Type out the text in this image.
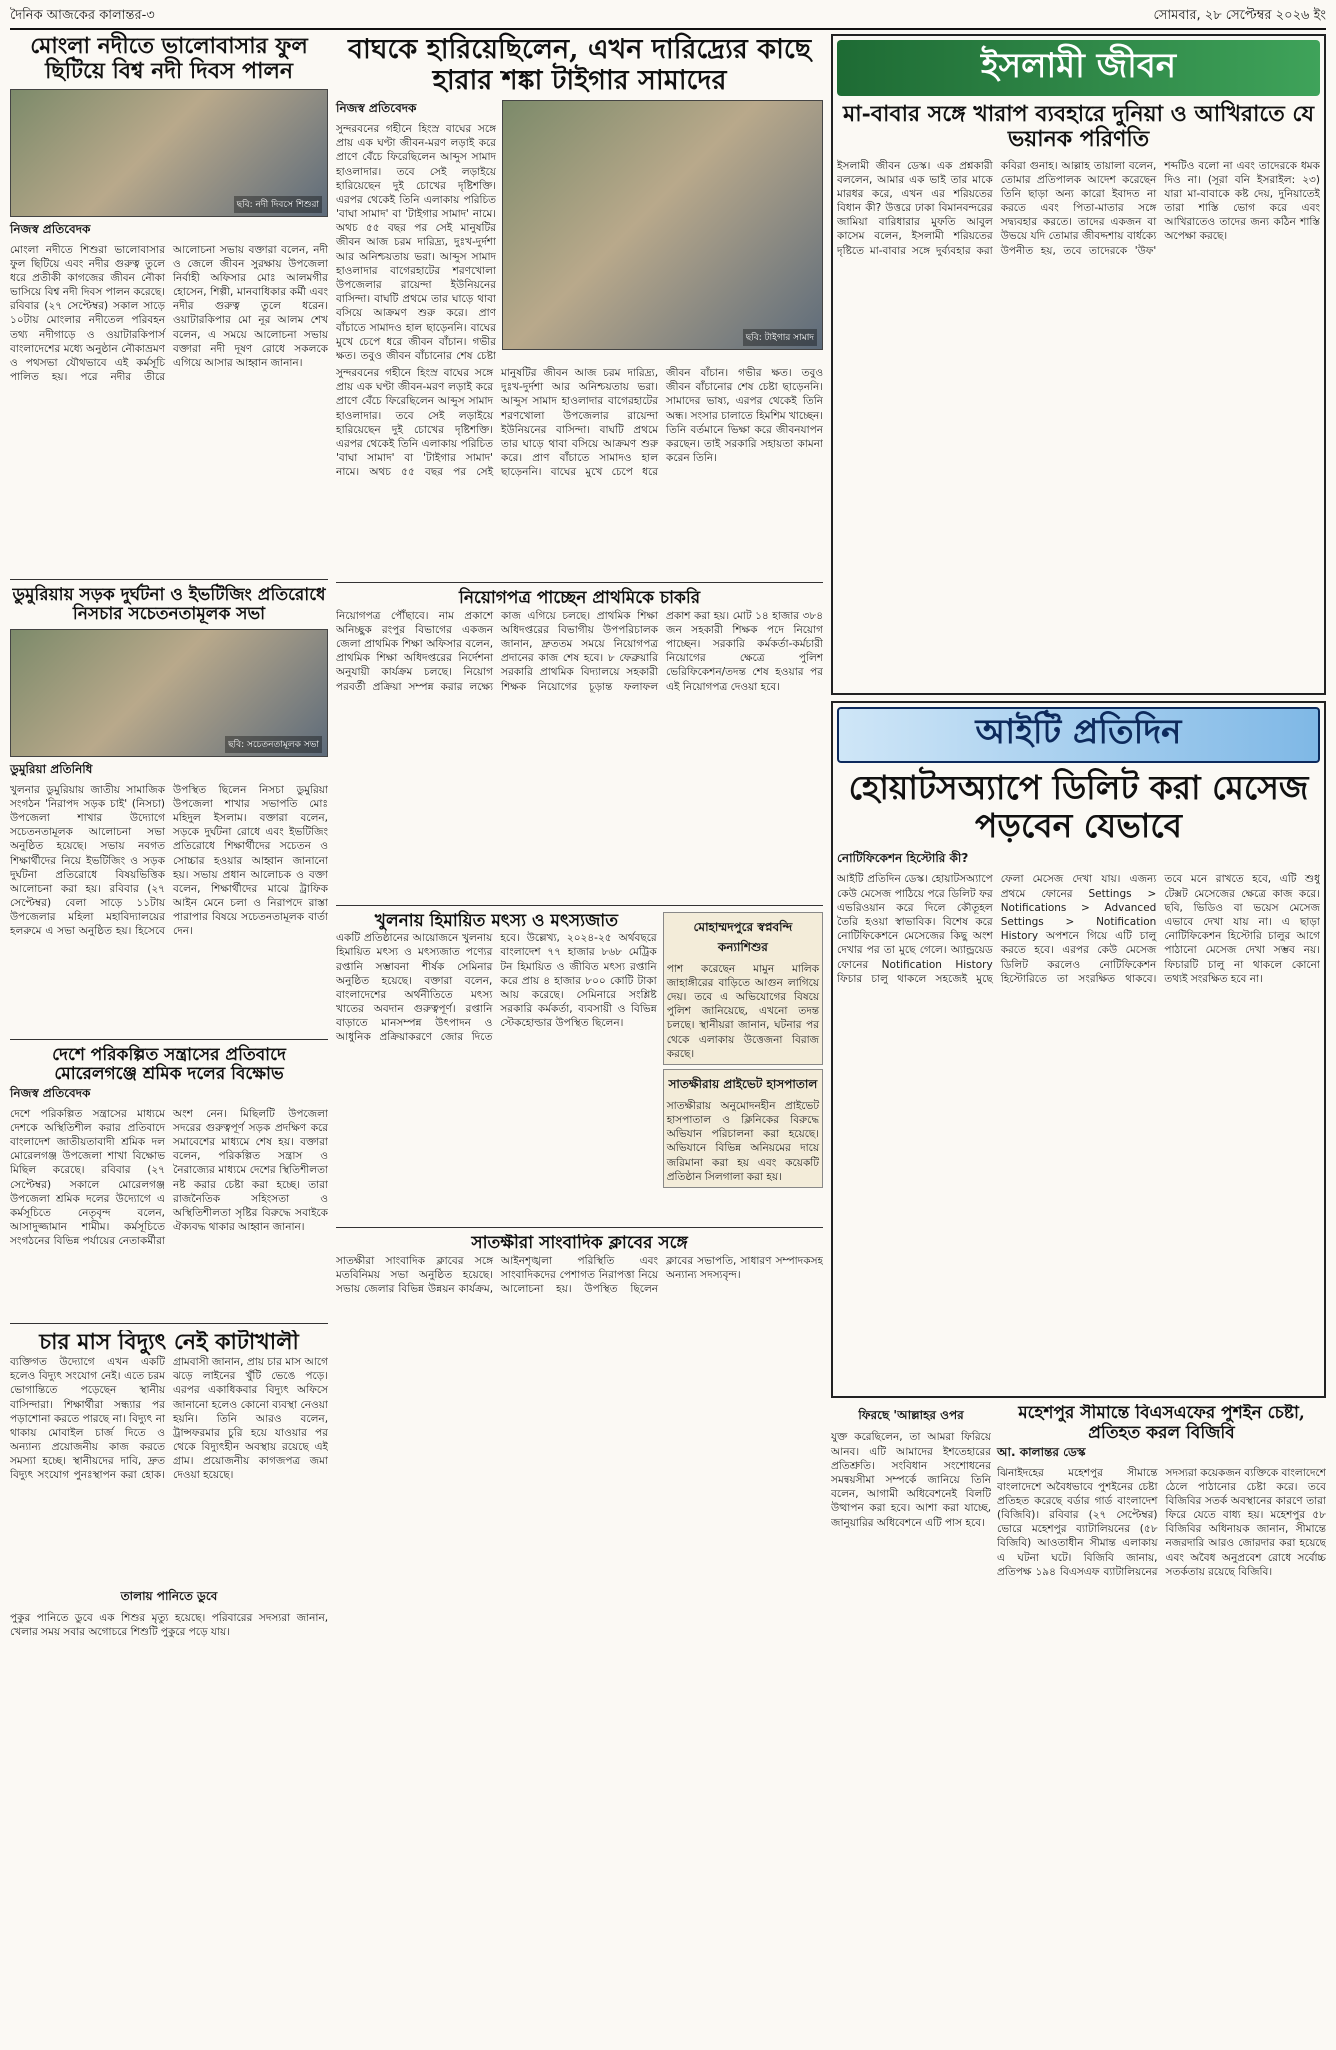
দৈনিক আজকের কালান্তর-৩	সোমবার, ২৮ সেপ্টেম্বর ২০২৬ ইং
মোংলা নদীতে ভালোবাসার ফুল ছিটিয়ে বিশ্ব নদী দিবস পালন
ছবি: নদী দিবসে শিশুরা
নিজস্ব প্রতিবেদক
মোংলা নদীতে শিশুরা ভালোবাসার ফুল ছিটিয়ে এবং নদীর গুরুত্ব তুলে ধরে প্রতীকী কাগজের জীবন নৌকা ভাসিয়ে বিশ্ব নদী দিবস পালন করেছে। রবিবার (২৭ সেপ্টেম্বর) সকাল সাড়ে ১০টায় মোংলার নদীতেল পরিবহন তথ্য নদীগাড়ে ও ওয়াটারকিপার্স বাংলাদেশের মধ্যে অনুষ্ঠান নৌকাভ্রমণ ও পথসভা যৌথভাবে এই কর্মসূচি পালিত হয়। পরে নদীর তীরে আলোচনা সভায় বক্তারা বলেন, নদী ও জেলে জীবন সুরক্ষায় উপজেলা নির্বাহী অফিসার মোঃ আলমগীর হোসেন, শিল্পী, মানবাধিকার কর্মী এবং নদীর গুরুত্ব তুলে ধরেন। ওয়াটারকিপার মো নূর আলম শেখ বলেন, এ সময়ে আলোচনা সভায় বক্তারা নদী দূষণ রোধে সকলকে এগিয়ে আসার আহ্বান জানান।
ডুমুরিয়ায় সড়ক দুর্ঘটনা ও ইভটিজিং প্রতিরোধে নিসচার সচেতনতামূলক সভা
ছবি: সচেতনতামূলক সভা
ডুমুরিয়া প্রতিনিধি
খুলনার ডুমুরিয়ায় জাতীয় সামাজিক সংগঠন 'নিরাপদ সড়ক চাই' (নিসচা) উপজেলা শাখার উদ্যোগে সচেতনতামূলক আলোচনা সভা অনুষ্ঠিত হয়েছে। সভায় নবগত শিক্ষার্থীদের নিয়ে ইভটিজিং ও সড়ক দুর্ঘটনা প্রতিরোধে বিষয়ভিত্তিক আলোচনা করা হয়। রবিবার (২৭ সেপ্টেম্বর) বেলা সাড়ে ১১টায় উপজেলার মহিলা মহাবিদ্যালয়ের হলরুমে এ সভা অনুষ্ঠিত হয়। হিসেবে উপস্থিত ছিলেন নিসচা ডুমুরিয়া উপজেলা শাখার সভাপতি মোঃ মহিদুল ইসলাম। বক্তারা বলেন, সড়কে দুর্ঘটনা রোধে এবং ইভটিজিং প্রতিরোধে শিক্ষার্থীদের সচেতন ও সোচ্চার হওয়ার আহ্বান জানানো হয়। সভায় প্রধান আলোচক ও বক্তা বলেন, শিক্ষার্থীদের মাঝে ট্রাফিক আইন মেনে চলা ও নিরাপদে রাস্তা পারাপার বিষয়ে সচেতনতামূলক বার্তা দেন।
দেশে পরিকল্পিত সন্ত্রাসের প্রতিবাদে মোরেলগঞ্জে শ্রমিক দলের বিক্ষোভ
নিজস্ব প্রতিবেদক
দেশে পরিকল্পিত সন্ত্রাসের মাধ্যমে দেশকে অস্থিতিশীল করার প্রতিবাদে বাংলাদেশ জাতীয়তাবাদী শ্রমিক দল মোরেলগঞ্জ উপজেলা শাখা বিক্ষোভ মিছিল করেছে। রবিবার (২৭ সেপ্টেম্বর) সকালে মোরেলগঞ্জ উপজেলা শ্রমিক দলের উদ্যোগে এ কর্মসূচিতে নেতৃবৃন্দ বলেন, আসাদুজ্জামান শামীম। কর্মসূচিতে সংগঠনের বিভিন্ন পর্যায়ের নেতাকর্মীরা অংশ নেন। মিছিলটি উপজেলা সদরের গুরুত্বপূর্ণ সড়ক প্রদক্ষিণ করে সমাবেশের মাধ্যমে শেষ হয়। বক্তারা বলেন, পরিকল্পিত সন্ত্রাস ও নৈরাজ্যের মাধ্যমে দেশের স্থিতিশীলতা নষ্ট করার চেষ্টা করা হচ্ছে। তারা রাজনৈতিক সহিংসতা ও অস্থিতিশীলতা সৃষ্টির বিরুদ্ধে সবাইকে ঐক্যবদ্ধ থাকার আহ্বান জানান।
চার মাস বিদ্যুৎ নেই কাটাখালী
ব্যক্তিগত উদ্যোগে এখন একটি হলেও বিদ্যুৎ সংযোগ নেই। এতে চরম ভোগান্তিতে পড়েছেন স্থানীয় বাসিন্দারা। শিক্ষার্থীরা সন্ধ্যার পর পড়াশোনা করতে পারছে না। বিদ্যুৎ না থাকায় মোবাইল চার্জ দিতে ও অন্যান্য প্রয়োজনীয় কাজ করতে সমস্যা হচ্ছে। স্থানীয়দের দাবি, দ্রুত বিদ্যুৎ সংযোগ পুনঃস্থাপন করা হোক। গ্রামবাসী জানান, প্রায় চার মাস আগে ঝড়ে লাইনের খুঁটি ভেঙে পড়ে। এরপর একাধিকবার বিদ্যুৎ অফিসে জানানো হলেও কোনো ব্যবস্থা নেওয়া হয়নি। তিনি আরও বলেন, ট্রান্সফরমার চুরি হয়ে যাওয়ার পর থেকে বিদ্যুৎহীন অবস্থায় রয়েছে এই গ্রাম। প্রয়োজনীয় কাগজপত্র জমা দেওয়া হয়েছে।
তালায় পানিতে ডুবে
পুকুর পানিতে ডুবে এক শিশুর মৃত্যু হয়েছে। পরিবারের সদস্যরা জানান, খেলার সময় সবার অগোচরে শিশুটি পুকুরে পড়ে যায়।
বাঘকে হারিয়েছিলেন, এখন দারিদ্র্যের কাছে হারার শঙ্কা টাইগার সামাদের
নিজস্ব প্রতিবেদক
সুন্দরবনের গহীনে হিংস্র বাঘের সঙ্গে প্রায় এক ঘণ্টা জীবন-মরণ লড়াই করে প্রাণে বেঁচে ফিরেছিলেন আব্দুস সামাদ হাওলাদার। তবে সেই লড়াইয়ে হারিয়েছেন দুই চোখের দৃষ্টিশক্তি। এরপর থেকেই তিনি এলাকায় পরিচিত 'বাঘা সামাদ' বা 'টাইগার সামাদ' নামে। অথচ ৫৫ বছর পর সেই মানুষটির জীবন আজ চরম দারিদ্র্য, দুঃখ-দুর্দশা আর অনিশ্চয়তায় ভরা। আব্দুস সামাদ হাওলাদার বাগেরহাটের শরণখোলা উপজেলার রায়েন্দা ইউনিয়নের বাসিন্দা। বাঘটি প্রথমে তার ঘাড়ে থাবা বসিয়ে আক্রমণ শুরু করে। প্রাণ বাঁচাতে সামাদও হাল ছাড়েননি। বাঘের মুখে চেপে ধরে জীবন বাঁচান। গভীর ক্ষত। তবুও জীবন বাঁচানোর শেষ চেষ্টা
ছবি: টাইগার সামাদ
সুন্দরবনের গহীনে হিংস্র বাঘের সঙ্গে প্রায় এক ঘণ্টা জীবন-মরণ লড়াই করে প্রাণে বেঁচে ফিরেছিলেন আব্দুস সামাদ হাওলাদার। তবে সেই লড়াইয়ে হারিয়েছেন দুই চোখের দৃষ্টিশক্তি। এরপর থেকেই তিনি এলাকায় পরিচিত 'বাঘা সামাদ' বা 'টাইগার সামাদ' নামে। অথচ ৫৫ বছর পর সেই মানুষটির জীবন আজ চরম দারিদ্র্য, দুঃখ-দুর্দশা আর অনিশ্চয়তায় ভরা। আব্দুস সামাদ হাওলাদার বাগেরহাটের শরণখোলা উপজেলার রায়েন্দা ইউনিয়নের বাসিন্দা। বাঘটি প্রথমে তার ঘাড়ে থাবা বসিয়ে আক্রমণ শুরু করে। প্রাণ বাঁচাতে সামাদও হাল ছাড়েননি। বাঘের মুখে চেপে ধরে জীবন বাঁচান। গভীর ক্ষত। তবুও জীবন বাঁচানোর শেষ চেষ্টা ছাড়েননি। সামাদের ভাষ্য, এরপর থেকেই তিনি অন্ধ। সংসার চালাতে হিমশিম খাচ্ছেন। তিনি বর্তমানে ভিক্ষা করে জীবনযাপন করছেন। তাই সরকারি সহায়তা কামনা করেন তিনি।
নিয়োগপত্র পাচ্ছেন প্রাথমিকে চাকরি
নিয়োগপত্র পৌঁছাবে। নাম প্রকাশে অনিচ্ছুক রংপুর বিভাগের একজন জেলা প্রাথমিক শিক্ষা অফিসার বলেন, প্রাথমিক শিক্ষা অধিদপ্তরের নির্দেশনা অনুযায়ী কার্যক্রম চলছে। নিয়োগ পরবর্তী প্রক্রিয়া সম্পন্ন করার লক্ষ্যে কাজ এগিয়ে চলছে। প্রাথমিক শিক্ষা অধিদপ্তরের বিভাগীয় উপপরিচালক জানান, দ্রুততম সময়ে নিয়োগপত্র প্রদানের কাজ শেষ হবে। ৮ ফেব্রুয়ারি সরকারি প্রাথমিক বিদ্যালয়ে সহকারী শিক্ষক নিয়োগের চূড়ান্ত ফলাফল প্রকাশ করা হয়। মোট ১৪ হাজার ৩৮৪ জন সহকারী শিক্ষক পদে নিয়োগ পাচ্ছেন। সরকারি কর্মকর্তা-কর্মচারী নিয়োগের ক্ষেত্রে পুলিশ ভেরিফিকেশন/তদন্ত শেষ হওয়ার পর এই নিয়োগপত্র দেওয়া হবে।
খুলনায় হিমায়িত মৎস্য ও মৎস্যজাত
একটি প্রতিষ্ঠানের আয়োজনে খুলনায় হিমায়িত মৎস্য ও মৎস্যজাত পণ্যের রপ্তানি সম্ভাবনা শীর্ষক সেমিনার অনুষ্ঠিত হয়েছে। বক্তারা বলেন, বাংলাদেশের অর্থনীতিতে মৎস্য খাতের অবদান গুরুত্বপূর্ণ। রপ্তানি বাড়াতে মানসম্পন্ন উৎপাদন ও আধুনিক প্রক্রিয়াকরণে জোর দিতে হবে। উল্লেখ্য, ২০২৪-২৫ অর্থবছরে বাংলাদেশ ৭৭ হাজার ৮৬৮ মেট্রিক টন হিমায়িত ও জীবিত মৎস্য রপ্তানি করে প্রায় ৪ হাজার ৮০০ কোটি টাকা আয় করেছে। সেমিনারে সংশ্লিষ্ট সরকারি কর্মকর্তা, ব্যবসায়ী ও বিভিন্ন স্টেকহোল্ডার উপস্থিত ছিলেন।
মোহাম্মদপুরে স্বপ্নবন্দি কন্যাশিশুর
পাশ করেছেন মামুন মালিক জাহাঙ্গীরের বাড়িতে আগুন লাগিয়ে দেয়। তবে এ অভিযোগের বিষয়ে পুলিশ জানিয়েছে, এখনো তদন্ত চলছে। স্থানীয়রা জানান, ঘটনার পর থেকে এলাকায় উত্তেজনা বিরাজ করছে।
সাতক্ষীরায় প্রাইভেট হাসপাতাল
সাতক্ষীরায় অনুমোদনহীন প্রাইভেট হাসপাতাল ও ক্লিনিকের বিরুদ্ধে অভিযান পরিচালনা করা হয়েছে। অভিযানে বিভিন্ন অনিয়মের দায়ে জরিমানা করা হয় এবং কয়েকটি প্রতিষ্ঠান সিলগালা করা হয়।
সাতক্ষীরা সাংবাদিক ক্লাবের সঙ্গে
সাতক্ষীরা সাংবাদিক ক্লাবের সঙ্গে মতবিনিময় সভা অনুষ্ঠিত হয়েছে। সভায় জেলার বিভিন্ন উন্নয়ন কার্যক্রম, আইনশৃঙ্খলা পরিস্থিতি এবং সাংবাদিকদের পেশাগত নিরাপত্তা নিয়ে আলোচনা হয়। উপস্থিত ছিলেন ক্লাবের সভাপতি, সাধারণ সম্পাদকসহ অন্যান্য সদস্যবৃন্দ।
ইসলামী জীবন
মা-বাবার সঙ্গে খারাপ ব্যবহারে দুনিয়া ও আখিরাতে যে ভয়ানক পরিণতি
ইসলামী জীবন ডেস্ক। এক প্রশ্নকারী বললেন, আমার এক ভাই তার মাকে মারধর করে, এখন এর শরিয়তের বিধান কী? উত্তরে ঢাকা বিমানবন্দরের জামিয়া বারিধারার মুফতি আবুল কাসেম বলেন, ইসলামী শরিয়তের দৃষ্টিতে মা-বাবার সঙ্গে দুর্ব্যবহার করা কবিরা গুনাহ। আল্লাহ তায়ালা বলেন, তোমার প্রতিপালক আদেশ করেছেন তিনি ছাড়া অন্য কারো ইবাদত না করতে এবং পিতা-মাতার সঙ্গে সদ্ব্যবহার করতে। তাদের একজন বা উভয়ে যদি তোমার জীবদ্দশায় বার্ধক্যে উপনীত হয়, তবে তাদেরকে 'উফ' শব্দটিও বলো না এবং তাদেরকে ধমক দিও না। (সূরা বনি ইসরাইল: ২৩) যারা মা-বাবাকে কষ্ট দেয়, দুনিয়াতেই তারা শাস্তি ভোগ করে এবং আখিরাতেও তাদের জন্য কঠিন শাস্তি অপেক্ষা করছে।
আইটি প্রতিদিন
হোয়াটসঅ্যাপে ডিলিট করা মেসেজ পড়বেন যেভাবে
নোটিফিকেশন হিস্টোরি কী?
আইটি প্রতিদিন ডেস্ক। হোয়াটসঅ্যাপে কেউ মেসেজ পাঠিয়ে পরে ডিলিট ফর এভরিওয়ান করে দিলে কৌতূহল তৈরি হওয়া স্বাভাবিক। বিশেষ করে নোটিফিকেশনে মেসেজের কিছু অংশ দেখার পর তা মুছে গেলে। অ্যান্ড্রয়েড ফোনের Notification History ফিচার চালু থাকলে সহজেই মুছে ফেলা মেসেজ দেখা যায়। এজন্য প্রথমে ফোনের Settings > Notifications > Advanced Settings > Notification History অপশনে গিয়ে এটি চালু করতে হবে। এরপর কেউ মেসেজ ডিলিট করলেও নোটিফিকেশন হিস্টোরিতে তা সংরক্ষিত থাকবে। তবে মনে রাখতে হবে, এটি শুধু টেক্সট মেসেজের ক্ষেত্রে কাজ করে। ছবি, ভিডিও বা ভয়েস মেসেজ এভাবে দেখা যায় না। এ ছাড়া নোটিফিকেশন হিস্টোরি চালুর আগে পাঠানো মেসেজ দেখা সম্ভব নয়। ফিচারটি চালু না থাকলে কোনো তথ্যই সংরক্ষিত হবে না।
ফিরছে 'আল্লাহর ওপর
যুক্ত করেছিলেন, তা আমরা ফিরিয়ে আনব। এটি আমাদের ইশতেহারের প্রতিশ্রুতি। সংবিধান সংশোধনের সমন্বয়সীমা সম্পর্কে জানিয়ে তিনি বলেন, আগামী অধিবেশনেই বিলটি উত্থাপন করা হবে। আশা করা যাচ্ছে, জানুয়ারির অধিবেশনে এটি পাস হবে।
মহেশপুর সীমান্তে বিএসএফের পুশইন চেষ্টা, প্রতিহত করল বিজিবি
আ. কালান্তর ডেস্ক
ঝিনাইদহের মহেশপুর সীমান্তে বাংলাদেশে অবৈধভাবে পুশইনের চেষ্টা প্রতিহত করেছে বর্ডার গার্ড বাংলাদেশ (বিজিবি)। রবিবার (২৭ সেপ্টেম্বর) ভোরে মহেশপুর ব্যাটালিয়নের (৫৮ বিজিবি) আওতাধীন সীমান্ত এলাকায় এ ঘটনা ঘটে। বিজিবি জানায়, প্রতিপক্ষ ১৯৪ বিএসএফ ব্যাটালিয়নের সদস্যরা কয়েকজন ব্যক্তিকে বাংলাদেশে ঠেলে পাঠানোর চেষ্টা করে। তবে বিজিবির সতর্ক অবস্থানের কারণে তারা ফিরে যেতে বাধ্য হয়। মহেশপুর ৫৮ বিজিবির অধিনায়ক জানান, সীমান্তে নজরদারি আরও জোরদার করা হয়েছে এবং অবৈধ অনুপ্রবেশ রোধে সর্বোচ্চ সতর্কতায় রয়েছে বিজিবি।
